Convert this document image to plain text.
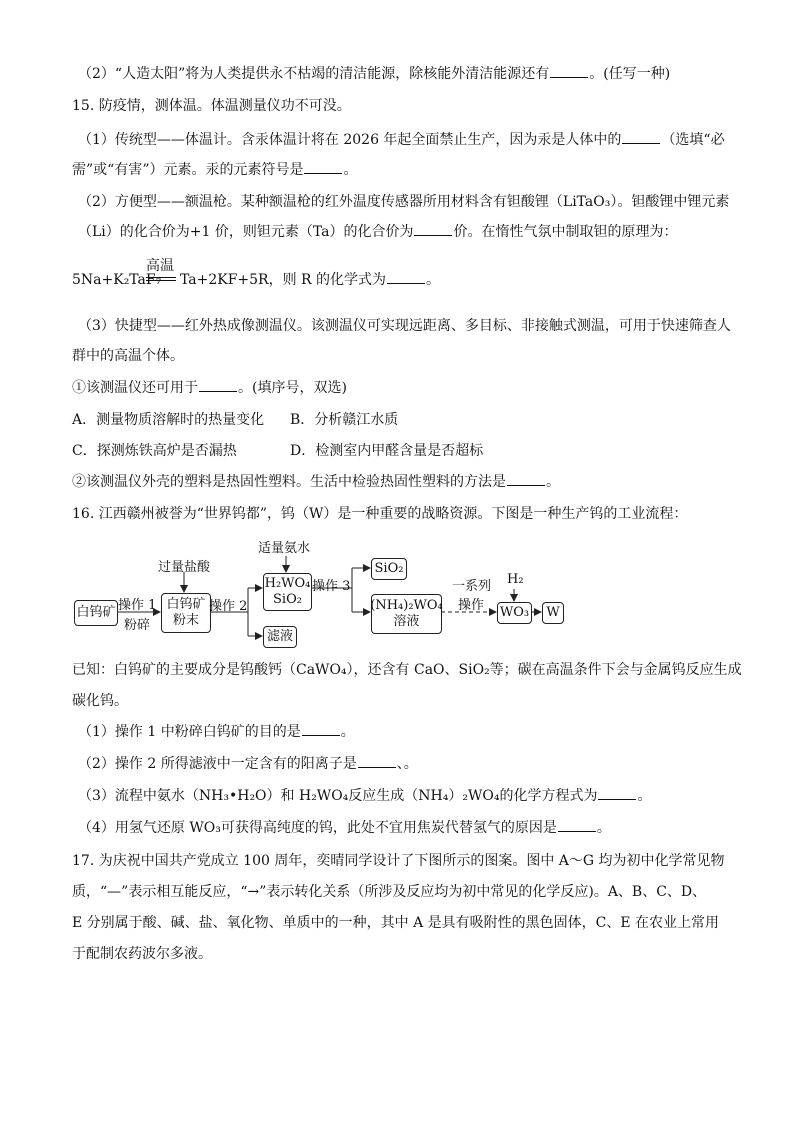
（2）“人造太阳”将为人类提供永不枯竭的清洁能源，除核能外清洁能源还有	。(任写一种)
15. 防疫情，测体温。体温测量仪功不可没。
（1）传统型——体温计。含汞体温计将在 2026 年起全面禁止生产，因为汞是人体中的	（选填“必
需”或“有害”）元素。汞的元素符号是	。
（2）方便型——额温枪。某种额温枪的红外温度传感器所用材料含有钽酸锂（LiTaO₃）。钽酸锂中锂元素
（Li）的化合价为+1 价，则钽元素（Ta）的化合价为	价。在惰性气氛中制取钽的原理为：
5Na+K₂TaF₇
高温
Ta+2KF+5R，则 R 的化学式为	。
（3）快捷型——红外热成像测温仪。该测温仪可实现远距离、多目标、非接触式测温，可用于快速筛查人
群中的高温个体。
①该测温仪还可用于	。(填序号，双选)
A．测量物质溶解时的热量变化 B．分析赣江水质
C．探测炼铁高炉是否漏热	D．检测室内甲醛含量是否超标
②该测温仪外壳的塑料是热固性塑料。生活中检验热固性塑料的方法是	。
16. 江西赣州被誉为“世界钨都”，钨（W）是一种重要的战略资源。下图是一种生产钨的工业流程：
白钨矿 操作 1
粉碎
过量盐酸
白钨矿
粉末
操作 2
适量氨水
H₂WO₄
SiO₂
滤液
操作 3
SiO₂
(NH₄)₂WO₄
溶液
一系列
操作
H₂
WO₃	W
已知：白钨矿的主要成分是钨酸钙（CaWO₄），还含有 CaO、SiO₂等；碳在高温条件下会与金属钨反应生成
碳化钨。
（1）操作 1 中粉碎白钨矿的目的是	。
（2）操作 2 所得滤液中一定含有的阳离子是	、。
（3）流程中氨水（NH₃•H₂O）和 H₂WO₄反应生成（NH₄）₂WO₄的化学方程式为	。
（4）用氢气还原 WO₃可获得高纯度的钨，此处不宜用焦炭代替氢气的原因是	。
17. 为庆祝中国共产党成立 100 周年，奕晴同学设计了下图所示的图案。图中 A～G 均为初中化学常见物
质，“—”表示相互能反应，“→”表示转化关系（所涉及反应均为初中常见的化学反应)。A、B、C、D、
E 分别属于酸、碱、盐、氧化物、单质中的一种，其中 A 是具有吸附性的黑色固体，C、E 在农业上常用
于配制农药波尔多液。
